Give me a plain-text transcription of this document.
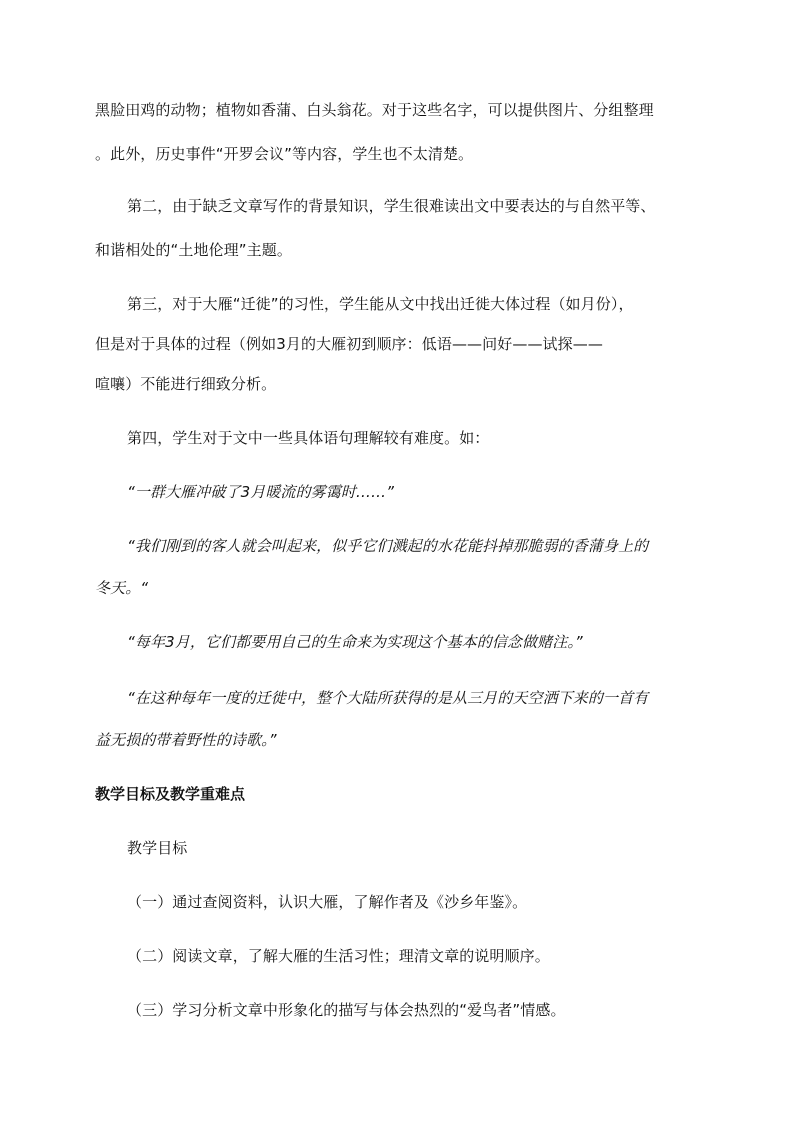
黑脸田鸡的动物；植物如香蒲、白头翁花。对于这些名字，可以提供图片、分组整理
。此外，历史事件“开罗会议”等内容，学生也不太清楚。
第二，由于缺乏文章写作的背景知识，学生很难读出文中要表达的与自然平等、
和谐相处的“土地伦理”主题。
第三，对于大雁“迁徙”的习性，学生能从文中找出迁徙大体过程（如月份），
但是对于具体的过程（例如3月的大雁初到顺序：低语——问好——试探——
喧嚷）不能进行细致分析。
第四，学生对于文中一些具体语句理解较有难度。如：
“一群大雁冲破了3月暖流的雾霭时……”
“我们刚到的客人就会叫起来，似乎它们溅起的水花能抖掉那脆弱的香蒲身上的
冬天。“
“每年3月，它们都要用自己的生命来为实现这个基本的信念做赌注。”
“在这种每年一度的迁徙中，整个大陆所获得的是从三月的天空洒下来的一首有
益无损的带着野性的诗歌。”
教学目标及教学重难点
教学目标
（一）通过查阅资料，认识大雁，了解作者及《沙乡年鉴》。
（二）阅读文章，了解大雁的生活习性；理清文章的说明顺序。
（三）学习分析文章中形象化的描写与体会热烈的“爱鸟者”情感。
